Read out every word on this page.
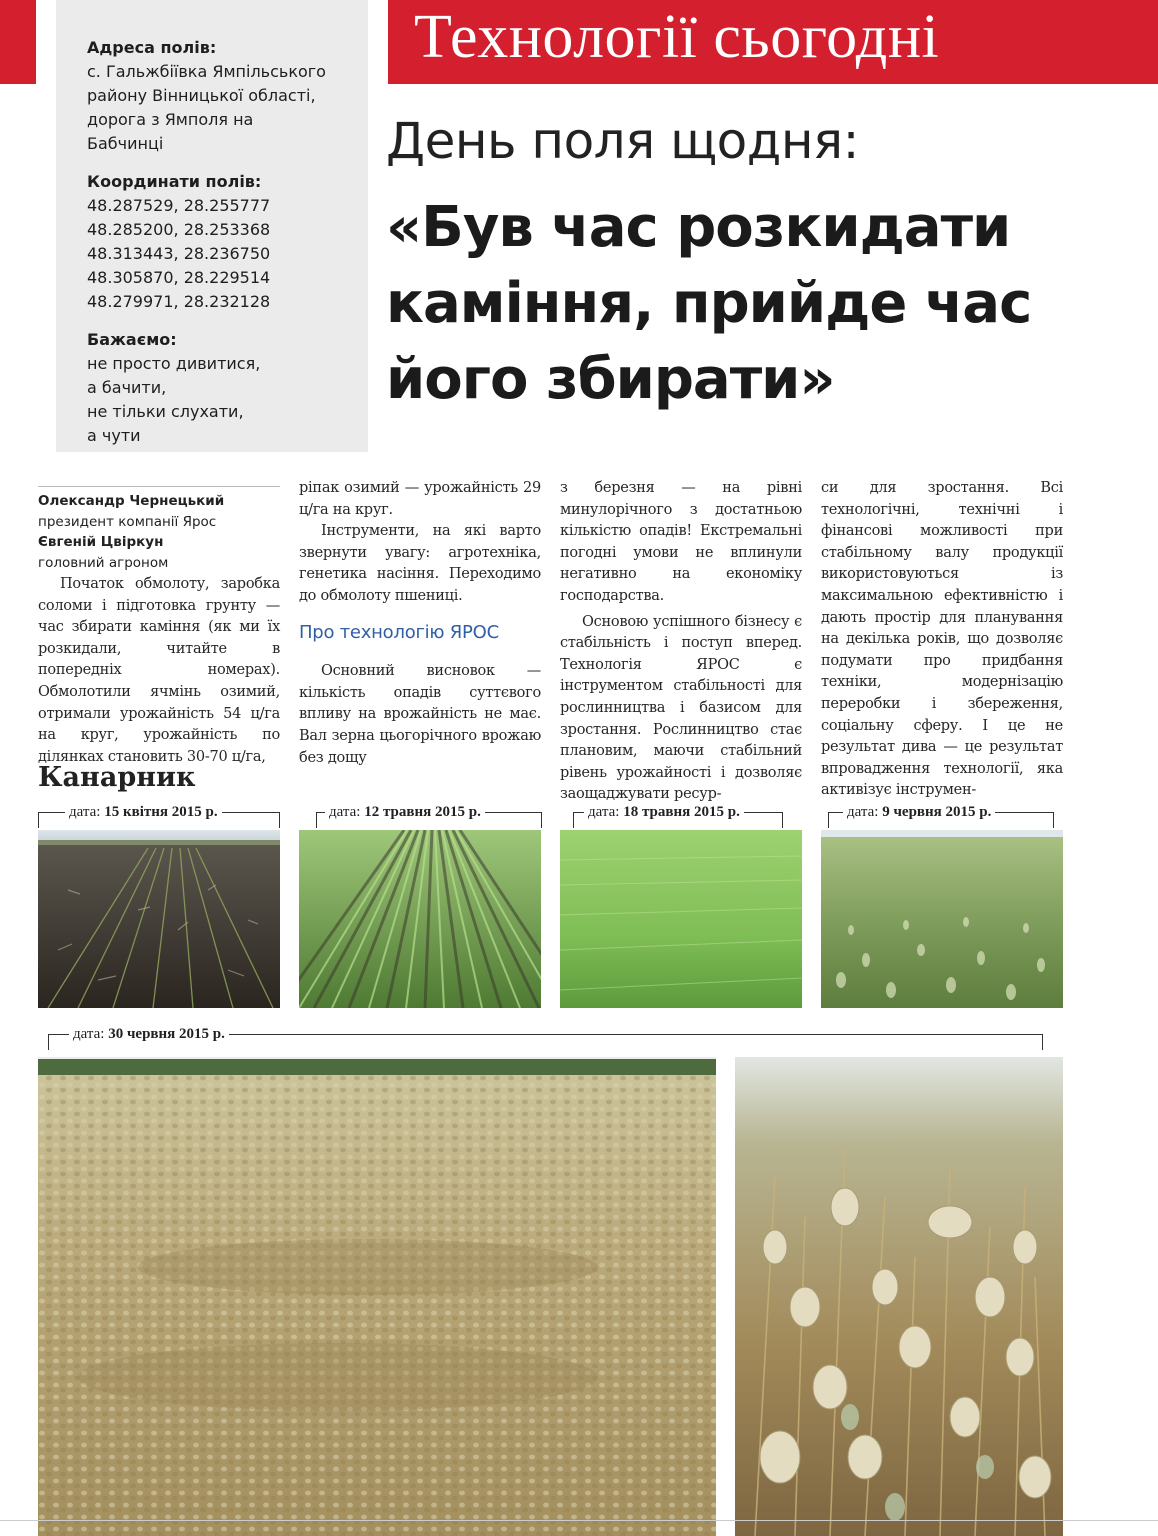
Технології сьогодні
Адреса полів:
с. Гальжбіївка Ямпільського
району Вінницької області,
дорога з Ямполя на
Бабчинці
Координати полів:
48.287529, 28.255777
48.285200, 28.253368
48.313443, 28.236750
48.305870, 28.229514
48.279971, 28.232128
Бажаємо:
не просто дивитися,
а бачити,
не тільки слухати,
а чути
День поля щодня:
«Був час розкидати каміння, прийде час його збирати»
Олександр Чернецький
президент компанії Ярос
Євгеній Цвіркун
головний агроном

Початок обмолоту, заробка соломи і підготовка грунту — час збирати каміння (як ми їх розкидали, читайте в попередніх номерах). Обмолотили ячмінь озимий, отримали урожайність 54 ц/га на круг, урожайність по ділянках становить 30-70 ц/га,

ріпак озимий — урожайність 29 ц/га на круг.

Інструменти, на які варто звернути увагу: агротехніка, генетика насіння. Переходимо до обмолоту пшениці.

Про технологію ЯРОС

Основний висновок — кількість опадів суттєвого впливу на врожайність не має. Вал зерна цьогорічного врожаю без дощу

з березня — на рівні минулорічного з достатньою кількістю опадів! Екстремальні погодні умови не вплинули негативно на економіку господарства.

Основою успішного бізнесу є стабільність і поступ вперед. Технологія ЯРОС є інструментом стабільності для рослинництва і базисом для зростання. Рослинництво стає плановим, маючи стабільний рівень урожайності і дозволяє заощаджувати ресур-

си для зростання. Всі технологічні, технічні і фінансові можливості при стабільному валу продукції використовуються із максимальною ефективністю і дають простір для планування на декілька років, що дозволяє подумати про придбання техніки, модернізацію переробки і збереження, соціальну сферу. І це не результат дива — це результат впровадження технології, яка активізує інструмен-

Канарник
дата: 15 квітня 2015 р.	дата: 12 травня 2015 р.	дата: 18 травня 2015 р.	дата: 9 червня 2015 р.
дата: 30 червня 2015 р.
